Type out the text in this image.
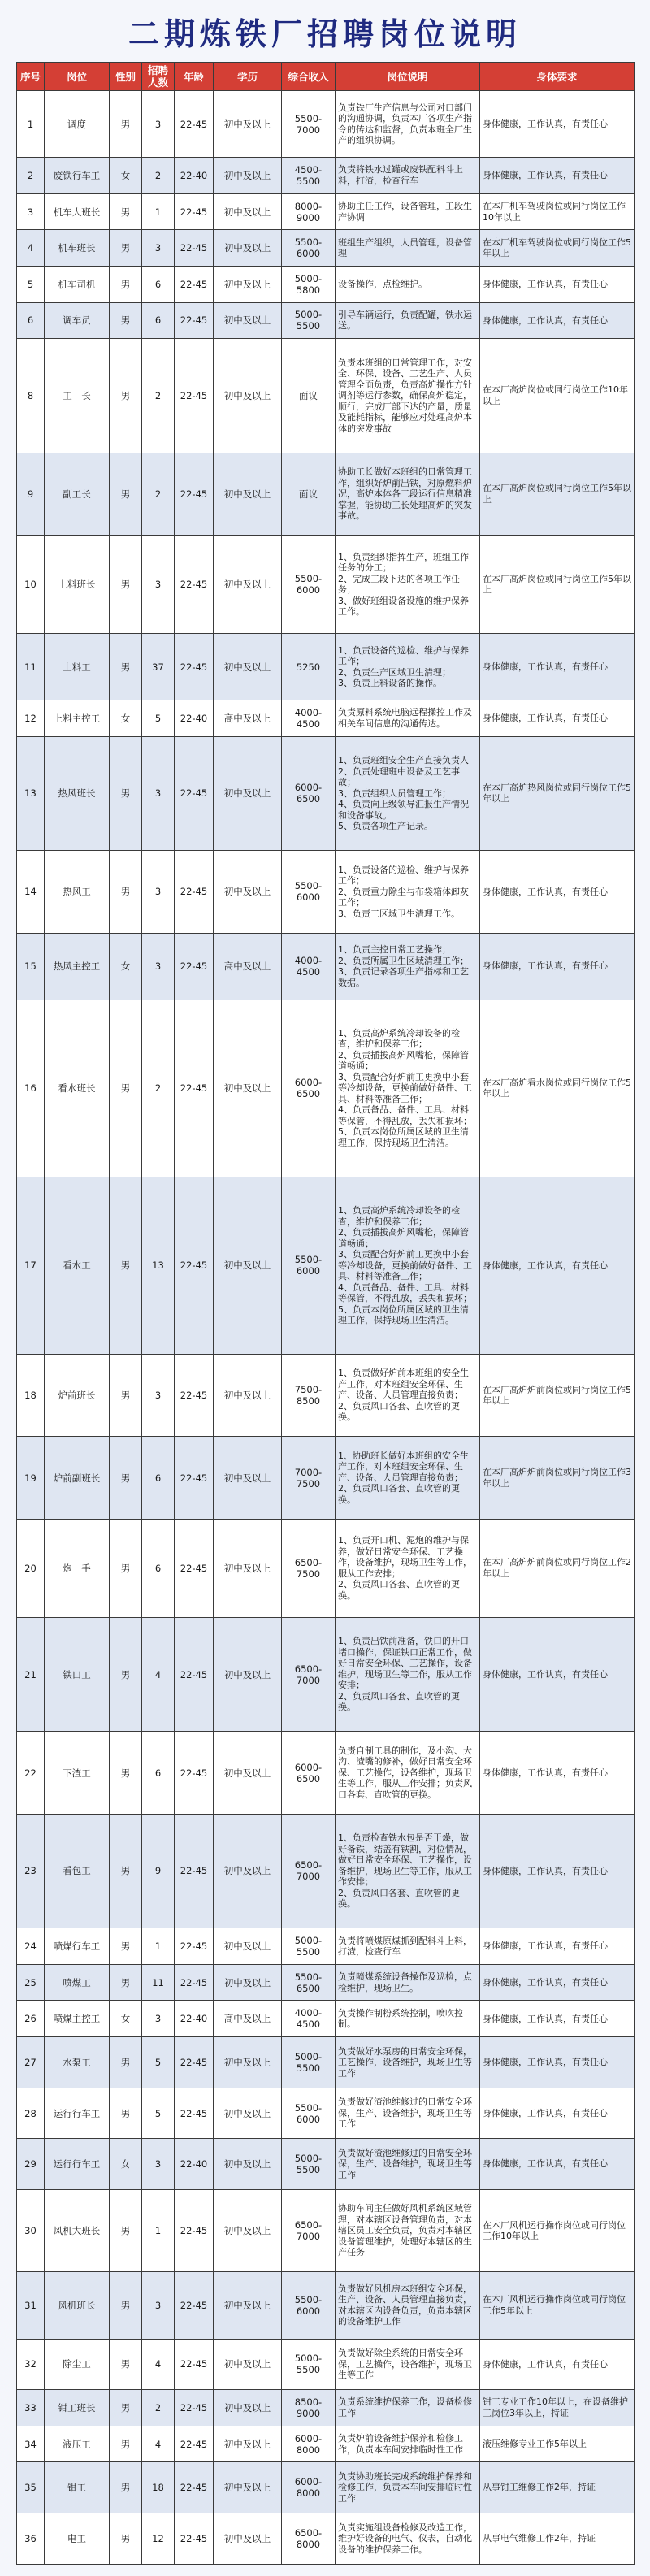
二期炼铁厂招聘岗位说明
序号	岗位	性别	招聘人数	年龄	学历	综合收入	岗位说明	身体要求
1	调度	男	3	22-45	初中及以上	5500-7000	负责铁厂生产信息与公司对口部门的沟通协调，负责本厂各项生产指令的传达和监督，负责本班全厂生产的组织协调。	身体健康，工作认真，有责任心
2	废铁行车工	女	2	22-40	初中及以上	4500-5500	负责将铁水过罐或废铁配料斗上料，打渣，检查行车	身体健康，工作认真，有责任心
3	机车大班长	男	1	22-45	初中及以上	8000-9000	协助主任工作，设备管理，工段生产协调	在本厂机车驾驶岗位或同行岗位工作10年以上
4	机车班长	男	3	22-45	初中及以上	5500-6000	班组生产组织，人员管理，设备管理	在本厂机车驾驶岗位或同行岗位工作5年以上
5	机车司机	男	6	22-45	初中及以上	5000-5800	设备操作，点检维护。	身体健康，工作认真，有责任心
6	调车员	男	6	22-45	初中及以上	5000-5500	引导车辆运行，负责配罐，铁水运送。	身体健康，工作认真，有责任心
8	工　长	男	2	22-45	初中及以上	面议	负责本班组的日常管理工作，对安全、环保、设备、工艺生产、人员管理全面负责，负责高炉操作方针调剂等运行参数，确保高炉稳定，顺行，完成厂部下达的产量，质量及能耗指标，能够应对处理高炉本体的突发事故	在本厂高炉岗位或同行岗位工作10年以上
9	副工长	男	2	22-45	初中及以上	面议	协助工长做好本班组的日常管理工作，组织好炉前出铁，对原燃料炉况，高炉本体各工段运行信息精准掌握，能协助工长处理高炉的突发事故。	在本厂高炉岗位或同行岗位工作5年以上
10	上料班长	男	3	22-45	初中及以上	5500-6000	1、负责组织指挥生产，班组工作任务的分工；
2、完成工段下达的各项工作任务；
3、做好班组设备设施的维护保养工作。	在本厂高炉岗位或同行岗位工作5年以上
11	上料工	男	37	22-45	初中及以上	5250	1、负责设备的巡检、维护与保养工作；
2、负责生产区域卫生清理；
3、负责上料设备的操作。	身体健康，工作认真，有责任心
12	上料主控工	女	5	22-40	高中及以上	4000-4500	负责原料系统电脑远程操控工作及相关车间信息的沟通传达。	身体健康，工作认真，有责任心
13	热风班长	男	3	22-45	初中及以上	6000-6500	1、负责班组安全生产直接负责人
2、负责处理班中设备及工艺事故；
3、负责组织人员管理工作；
4、负责向上级领导汇报生产情况和设备事故。
5、负责各项生产记录。	在本厂高炉热风岗位或同行岗位工作5年以上
14	热风工	男	3	22-45	初中及以上	5500-6000	1、负责设备的巡检、维护与保养工作；
2、负责重力除尘与布袋箱体卸灰工作；
3、负责工区域卫生清理工作。	身体健康，工作认真，有责任心
15	热风主控工	女	3	22-45	高中及以上	4000-4500	1、负责主控日常工艺操作；
2、负责所属卫生区域清理工作；
3、负责记录各项生产指标和工艺数据。	身体健康，工作认真，有责任心
16	看水班长	男	2	22-45	初中及以上	6000-6500	1、负责高炉系统冷却设备的检查，维护和保养工作；
2、负责插拔高炉风嘴枪，保障管道畅通；
3、负责配合好炉前工更换中小套等冷却设备，更换前做好备件、工具、材料等准备工作；
4、负责备品、备件、工具、材料等保管，不得乱放，丢失和损坏；
5、负责本岗位所属区域的卫生清理工作，保持现场卫生清洁。	在本厂高炉看水岗位或同行岗位工作5年以上
17	看水工	男	13	22-45	初中及以上	5500-6000	1、负责高炉系统冷却设备的检查，维护和保养工作；
2、负责插拔高炉风嘴枪，保障管道畅通；
3、负责配合好炉前工更换中小套等冷却设备，更换前做好备件、工具、材料等准备工作；
4、负责备品、备件、工具、材料等保管，不得乱放，丢失和损坏；
5、负责本岗位所属区域的卫生清理工作，保持现场卫生清洁。	身体健康，工作认真，有责任心
18	炉前班长	男	3	22-45	初中及以上	7500-8500	1、负责做好炉前本班组的安全生产工作，对本班组安全环保、生产、设备、人员管理直接负责；
2、负责风口各套、直吹管的更换。	在本厂高炉炉前岗位或同行岗位工作5年以上
19	炉前副班长	男	6	22-45	初中及以上	7000-7500	1、协助班长做好本班组的安全生产工作，对本班组安全环保、生产、设备、人员管理直接负责；
2、负责风口各套、直吹管的更换。	在本厂高炉炉前岗位或同行岗位工作3年以上
20	炮　手	男	6	22-45	初中及以上	6500-7500	1、负责开口机、泥炮的维护与保养，做好日常安全环保、工艺操作，设备维护，现场卫生等工作，服从工作安排；
2、负责风口各套、直吹管的更换。	在本厂高炉炉前岗位或同行岗位工作2年以上
21	铁口工	男	4	22-45	初中及以上	6500-7000	1、负责出铁前准备，铁口的开口堵口操作，保证铁口正常工作，做好日常安全环保、工艺操作，设备维护，现场卫生等工作，服从工作安排；
2、负责风口各套、直吹管的更换。	身体健康，工作认真，有责任心
22	下渣工	男	6	22-45	初中及以上	6000-6500	负责自制工具的制作，及小沟、大沟、渣嘴的修补，做好日常安全环保、工艺操作，设备维护，现场卫生等工作，服从工作安排；负责风口各套、直吹管的更换。	身体健康，工作认真，有责任心
23	看包工	男	9	22-45	初中及以上	6500-7000	1、负责检查铁水包是否干燥，做好备铁，结盖有铁割，对位情况，做好日常安全环保、工艺操作，设备维护，现场卫生等工作，服从工作安排；
2、负责风口各套、直吹管的更换。	身体健康，工作认真，有责任心
24	喷煤行车工	男	1	22-45	初中及以上	5000-5500	负责将喷煤原煤抓到配料斗上料，打渣，检查行车	身体健康，工作认真，有责任心
25	喷煤工	男	11	22-45	初中及以上	5500-6500	负责喷煤系统设备操作及巡检，点检维护，现场卫生。	身体健康，工作认真，有责任心
26	喷煤主控工	女	3	22-40	高中及以上	4000-4500	负责操作制粉系统控制，喷吹控制。	身体健康，工作认真，有责任心
27	水泵工	男	5	22-45	初中及以上	5000-5500	负责做好水泵房的日常安全环保，工艺操作，设备维护，现场卫生等工作	身体健康，工作认真，有责任心
28	运行行车工	男	5	22-45	初中及以上	5500-6000	负责做好渣池维修过的日常安全环保，生产、设备维护，现场卫生等工作	身体健康，工作认真，有责任心
29	运行行车工	女	3	22-40	初中及以上	5000-5500	负责做好渣池维修过的日常安全环保，生产、设备维护，现场卫生等工作	身体健康，工作认真，有责任心
30	风机大班长	男	1	22-45	初中及以上	6500-7000	协助车间主任做好风机系统区域管理，对本辖区设备管理负责，对本辖区员工安全负责，负责对本辖区设备管理维护，处理好本辖区的生产任务	在本厂风机运行操作岗位或同行岗位工作10年以上
31	风机班长	男	3	22-45	初中及以上	5500-6000	负责做好风机房本班组安全环保，生产、设备、人员管理直接负责，对本辖区内设备负责，负责本辖区的设备维护工作	在本厂风机运行操作岗位或同行岗位工作5年以上
32	除尘工	男	4	22-45	初中及以上	5000-5500	负责做好除尘系统的日常安全环保，工艺操作，设备维护，现场卫生等工作	身体健康，工作认真，有责任心
33	钳工班长	男	2	22-45	初中及以上	8500-9000	负责系统维护保养工作，设备检修工作	钳工专业工作10年以上，在设备维护工岗位3年以上，持证
34	液压工	男	4	22-45	初中及以上	6000-8000	负责炉前设备维护保养和检修工作，负责本车间安排临时性工作	液压维修专业工作5年以上
35	钳工	男	18	22-45	初中及以上	6000-8000	负责协助班长完成系统维护保养和检修工作，负责本车间安排临时性工作	从事钳工维修工作2年，持证
36	电工	男	12	22-45	初中及以上	6500-8000	负责实施组设备检修及改造工作，维护好设备的电气、仪表，自动化设备的维护保养工作。	从事电气维修工作2年，持证
